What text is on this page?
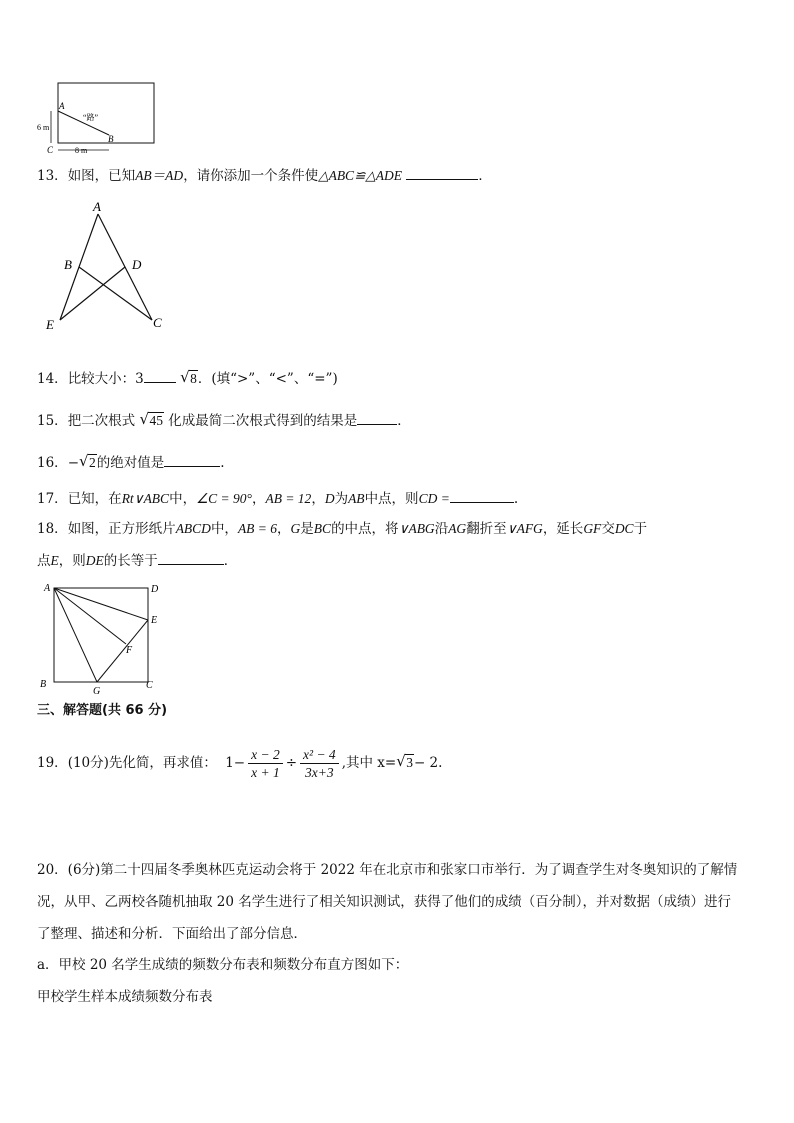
A
B
C
“路”
6 m
8 m
13．如图，已知AB＝AD，请你添加一个条件使△ABC≌△ADE	．
A
B	D
E	C
14．比较大小：3 √ 8．(填“>”、“<”、“=”)
15．把二次根式 √ 45 化成最简二次根式得到的结果是	．
16．− √ 2的绝对值是	.
17．已知，在Rt∨ABC中，∠C = 90°，AB = 12，D为AB中点，则CD =	.
18．如图，正方形纸片ABCD中，AB = 6，G是BC的中点，将∨ABG沿AG翻折至∨AFG，延长GF交DC于
点E，则DE的长等于	．
A	D
E
F
B
G
C
三、解答题(共 66 分)
19．(10分)先化简，再求值： $1- \frac{x - 2}{x + 1} \div \frac{\text{x² − 4}}{3x+3}$ ,其中 x= √ 3− 2.
20．(6分)第二十四届冬季奥林匹克运动会将于 2022 年在北京市和张家口市举行．为了调查学生对冬奥知识的了解情
况，从甲、乙两校各随机抽取 20 名学生进行了相关知识测试，获得了他们的成绩（百分制），并对数据（成绩）进行
了整理、描述和分析．下面给出了部分信息．
a．甲校 20 名学生成绩的频数分布表和频数分布直方图如下：
甲校学生样本成绩频数分布表
